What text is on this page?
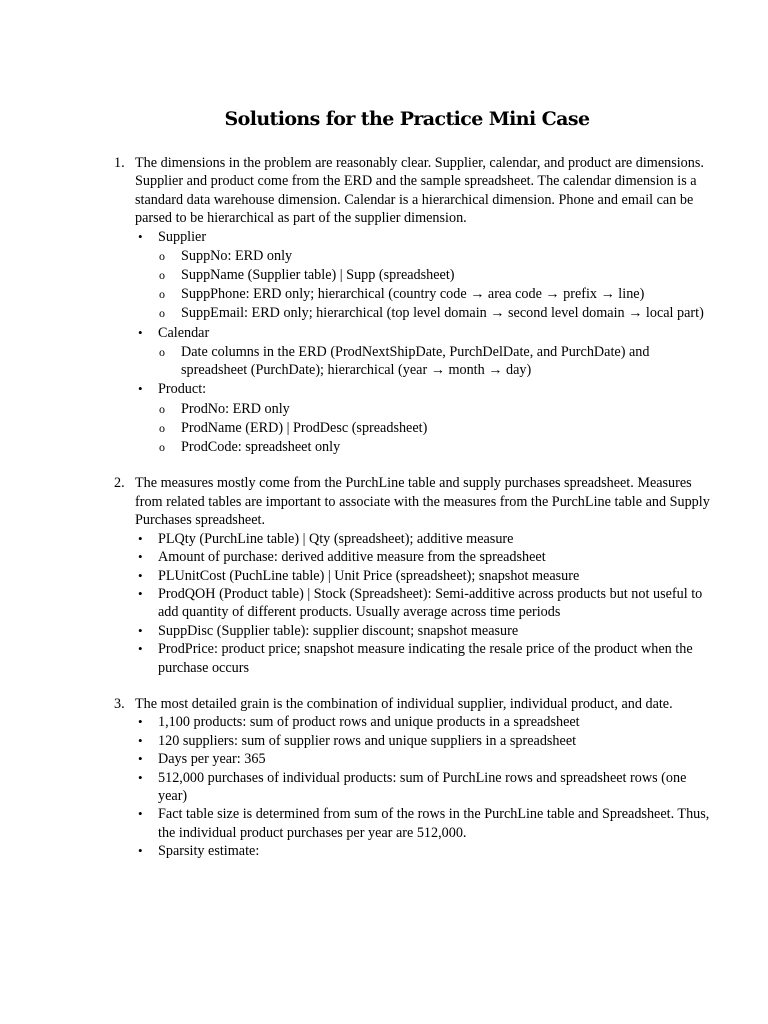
Solutions for the Practice Mini Case
1. The dimensions in the problem are reasonably clear. Supplier, calendar, and product are dimensions. Supplier and product come from the ERD and the sample spreadsheet. The calendar dimension is a standard data warehouse dimension. Calendar is a hierarchical dimension. Phone and email can be parsed to be hierarchical as part of the supplier dimension.
• Supplier
o SuppNo: ERD only
o SuppName (Supplier table) | Supp (spreadsheet)
o SuppPhone: ERD only; hierarchical (country code → area code → prefix → line)
o SuppEmail: ERD only; hierarchical (top level domain → second level domain → local part)
• Calendar
o Date columns in the ERD (ProdNextShipDate, PurchDelDate, and PurchDate) and spreadsheet (PurchDate); hierarchical (year → month → day)
• Product:
o ProdNo: ERD only
o ProdName (ERD) | ProdDesc (spreadsheet)
o ProdCode: spreadsheet only
2. The measures mostly come from the PurchLine table and supply purchases spreadsheet. Measures from related tables are important to associate with the measures from the PurchLine table and Supply Purchases spreadsheet.
• PLQty (PurchLine table) | Qty (spreadsheet); additive measure
• Amount of purchase: derived additive measure from the spreadsheet
• PLUnitCost (PuchLine table) | Unit Price (spreadsheet); snapshot measure
• ProdQOH (Product table) | Stock (Spreadsheet): Semi-additive across products but not useful to add quantity of different products. Usually average across time periods
• SuppDisc (Supplier table): supplier discount; snapshot measure
• ProdPrice: product price; snapshot measure indicating the resale price of the product when the purchase occurs
3. The most detailed grain is the combination of individual supplier, individual product, and date.
• 1,100 products: sum of product rows and unique products in a spreadsheet
• 120 suppliers: sum of supplier rows and unique suppliers in a spreadsheet
• Days per year: 365
• 512,000 purchases of individual products: sum of PurchLine rows and spreadsheet rows (one year)
• Fact table size is determined from sum of the rows in the PurchLine table and Spreadsheet. Thus, the individual product purchases per year are 512,000.
• Sparsity estimate:
